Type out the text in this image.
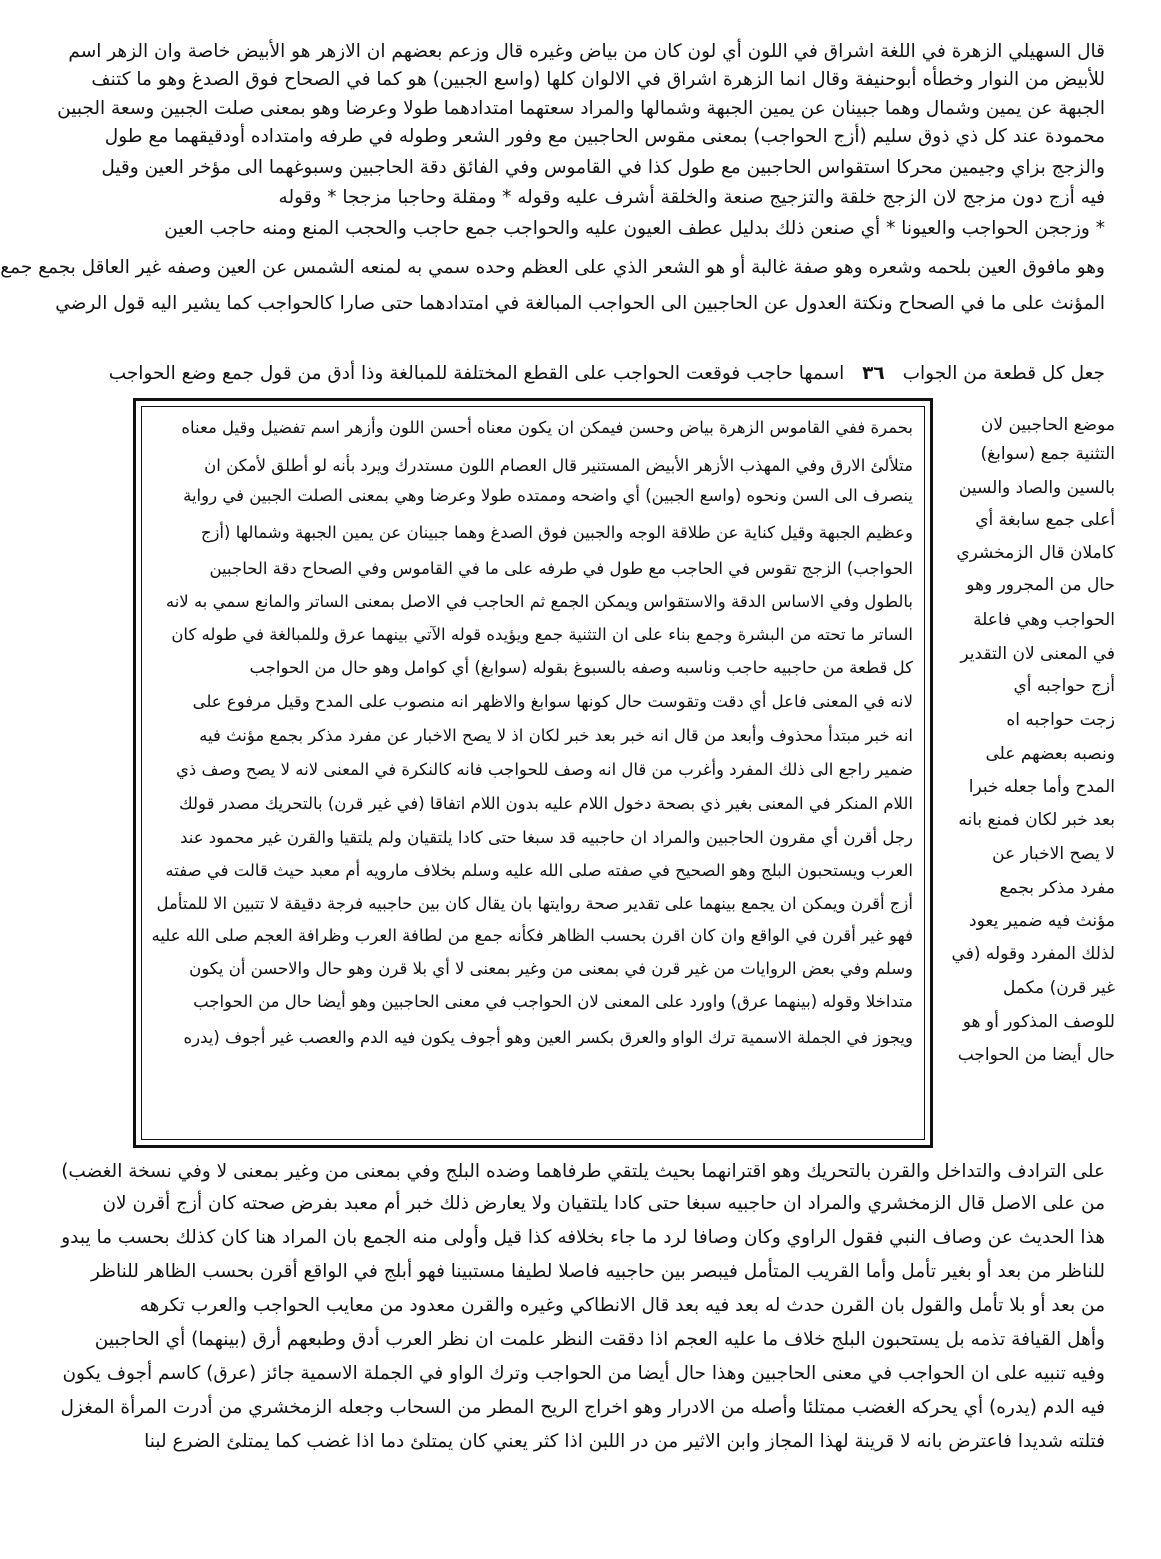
قال السهيلي الزهرة في اللغة اشراق في اللون أي لون كان من بياض وغيره قال وزعم بعضهم ان الازهر هو الأبيض خاصة وان الزهر اسم
للأبيض من النوار وخطأه أبوحنيفة وقال انما الزهرة اشراق في الالوان كلها (واسع الجبين) هو كما في الصحاح فوق الصدغ وهو ما كتنف
الجبهة عن يمين وشمال وهما جبينان عن يمين الجبهة وشمالها والمراد سعتهما امتدادهما طولا وعرضا وهو بمعنى صلت الجبين وسعة الجبين
محمودة عند كل ذي ذوق سليم (أزج الحواجب) بمعنى مقوس الحاجبين مع وفور الشعر وطوله في طرفه وامتداده أودقيقهما مع طول
والزجج بزاي وجيمين محركا استقواس الحاجبين مع طول كذا في القاموس وفي الفائق دقة الحاجبين وسبوغهما الى مؤخر العين وقيل
فيه أزج دون مزجج لان الزجج خلقة والتزجيج صنعة والخلقة أشرف عليه وقوله * ومقلة وحاجبا مزججا * وقوله
* وزججن الحواجب والعيونا * أي صنعن ذلك بدليل عطف العيون عليه والحواجب جمع حاجب والحجب المنع ومنه حاجب العين
وهو مافوق العين بلحمه وشعره وهو صفة غالبة أو هو الشعر الذي على العظم وحده سمي به لمنعه الشمس عن العين وصفه غير العاقل بجمع جمع
المؤنث على ما في الصحاح ونكتة العدول عن الحاجبين الى الحواجب المبالغة في امتدادهما حتى صارا كالحواجب كما يشير اليه قول الرضي
جعل كل قطعة من الجواب ٣٦ اسمها حاجب فوقعت الحواجب على القطع المختلفة للمبالغة وذا أدق من قول جمع وضع الحواجب
بحمرة ففي القاموس الزهرة بياض وحسن فيمكن ان يكون معناه أحسن اللون وأزهر اسم تفضيل وقيل معناه
متلألئ الارق وفي المهذب الأزهر الأبيض المستنير قال العصام اللون مستدرك ويرد بأنه لو أطلق لأمكن ان
ينصرف الى السن ونحوه (واسع الجبين) أي واضحه وممتده طولا وعرضا وهي بمعنى الصلت الجبين في رواية
وعظيم الجبهة وقيل كناية عن طلاقة الوجه والجبين فوق الصدغ وهما جبينان عن يمين الجبهة وشمالها (أزج
الحواجب) الزجج تقوس في الحاجب مع طول في طرفه على ما في القاموس وفي الصحاح دقة الحاجبين
بالطول وفي الاساس الدقة والاستقواس ويمكن الجمع ثم الحاجب في الاصل بمعنى الساتر والمانع سمي به لانه
الساتر ما تحته من البشرة وجمع بناء على ان التثنية جمع ويؤيده قوله الآتي بينهما عرق وللمبالغة في طوله كان
كل قطعة من حاجبيه حاجب وناسبه وصفه بالسبوغ بقوله (سوابغ) أي كوامل وهو حال من الحواجب
لانه في المعنى فاعل أي دقت وتقوست حال كونها سوابغ والاظهر انه منصوب على المدح وقيل مرفوع على
انه خبر مبتدأ محذوف وأبعد من قال انه خبر بعد خبر لكان اذ لا يصح الاخبار عن مفرد مذكر بجمع مؤنث فيه
ضمير راجع الى ذلك المفرد وأغرب من قال انه وصف للحواجب فانه كالنكرة في المعنى لانه لا يصح وصف ذي
اللام المنكر في المعنى بغير ذي بصحة دخول اللام عليه بدون اللام اتفاقا (في غير قرن) بالتحريك مصدر قولك
رجل أقرن أي مقرون الحاجبين والمراد ان حاجبيه قد سبغا حتى كادا يلتقيان ولم يلتقيا والقرن غير محمود عند
العرب ويستحبون البلج وهو الصحيح في صفته صلى الله عليه وسلم بخلاف مارويه أم معبد حيث قالت في صفته
أزج أقرن ويمكن ان يجمع بينهما على تقدير صحة روايتها بان يقال كان بين حاجبيه فرجة دقيقة لا تتبين الا للمتأمل
فهو غير أقرن في الواقع وان كان اقرن بحسب الظاهر فكأنه جمع من لطافة العرب وظرافة العجم صلى الله عليه
وسلم وفي بعض الروايات من غير قرن في بمعنى من وغير بمعنى لا أي بلا قرن وهو حال والاحسن أن يكون
متداخلا وقوله (بينهما عرق) واورد على المعنى لان الحواجب في معنى الحاجبين وهو أيضا حال من الحواجب
ويجوز في الجملة الاسمية ترك الواو والعرق بكسر العين وهو أجوف يكون فيه الدم والعصب غير أجوف (يدره
موضع الحاجبين لان
التثنية جمع (سوابغ)
بالسين والصاد والسين
أعلى جمع سابغة أي
كاملان قال الزمخشري
حال من المجرور وهو
الحواجب وهي فاعلة
في المعنى لان التقدير
أزج حواجبه أي
زجت حواجبه اه
ونصبه بعضهم على
المدح وأما جعله خبرا
بعد خبر لكان فمنع بانه
لا يصح الاخبار عن
مفرد مذكر بجمع
مؤنث فيه ضمير يعود
لذلك المفرد وقوله (في
غير قرن) مكمل
للوصف المذكور أو هو
حال أيضا من الحواجب
على الترادف والتداخل والقرن بالتحريك وهو اقترانهما بحيث يلتقي طرفاهما وضده البلج وفي بمعنى من وغير بمعنى لا وفي نسخة الغضب)
من على الاصل قال الزمخشري والمراد ان حاجبيه سبغا حتى كادا يلتقيان ولا يعارض ذلك خبر أم معبد بفرض صحته كان أزج أقرن لان
هذا الحديث عن وصاف النبي فقول الراوي وكان وصافا لرد ما جاء بخلافه كذا قيل وأولى منه الجمع بان المراد هنا كان كذلك بحسب ما يبدو
للناظر من بعد أو بغير تأمل وأما القريب المتأمل فيبصر بين حاجبيه فاصلا لطيفا مستبينا فهو أبلج في الواقع أقرن بحسب الظاهر للناظر
من بعد أو بلا تأمل والقول بان القرن حدث له بعد فيه بعد قال الانطاكي وغيره والقرن معدود من معايب الحواجب والعرب تكرهه
وأهل القيافة تذمه بل يستحبون البلج خلاف ما عليه العجم اذا دققت النظر علمت ان نظر العرب أدق وطبعهم أرق (بينهما) أي الحاجبين
وفيه تنبيه على ان الحواجب في معنى الحاجبين وهذا حال أيضا من الحواجب وترك الواو في الجملة الاسمية جائز (عرق) كاسم أجوف يكون
فيه الدم (يدره) أي يحركه الغضب ممتلئا وأصله من الادرار وهو اخراج الريح المطر من السحاب وجعله الزمخشري من أدرت المرأة المغزل
فتلته شديدا فاعترض بانه لا قرينة لهذا المجاز وابن الاثير من در اللبن اذا كثر يعني كان يمتلئ دما اذا غضب كما يمتلئ الضرع لبنا
